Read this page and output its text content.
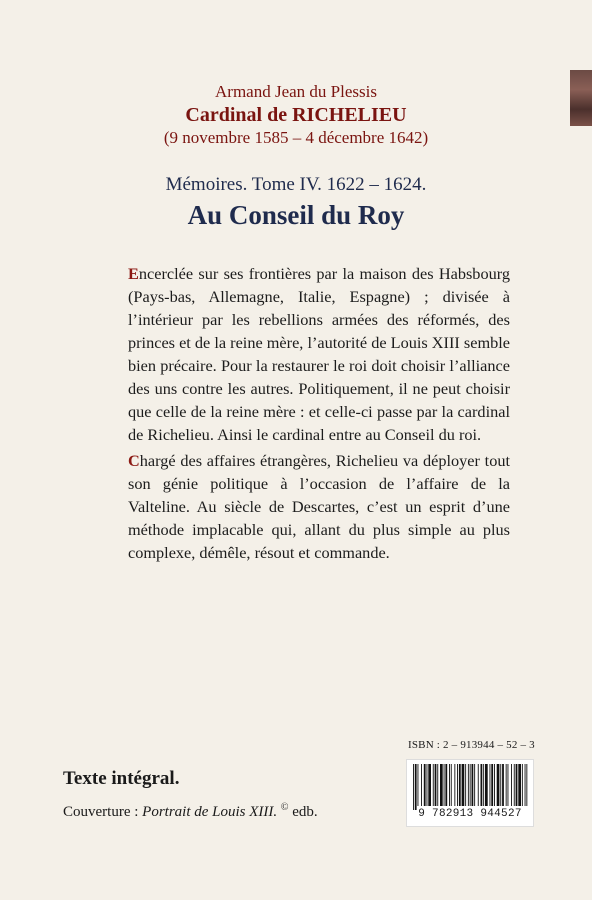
Armand Jean du Plessis
Cardinal de RICHELIEU
(9 novembre 1585 – 4 décembre 1642)
Mémoires. Tome IV. 1622 – 1624.
Au Conseil du Roy

Encerclée sur ses frontières par la maison des Habsbourg (Pays-bas, Allemagne, Italie, Espagne) ; divisée à l’intérieur par les rebellions armées des réformés, des princes et de la reine mère, l’autorité de Louis XIII semble bien précaire. Pour la restaurer le roi doit choisir l’alliance des uns contre les autres. Politiquement, il ne peut choisir que celle de la reine mère : et celle-ci passe par la cardinal de Richelieu. Ainsi le cardinal entre au Conseil du roi.

Chargé des affaires étrangères, Richelieu va déployer tout son génie politique à l’occasion de l’affaire de la Valteline. Au siècle de Descartes, c’est un esprit d’une méthode implacable qui, allant du plus simple au plus complexe, démêle, résout et commande.

ISBN : 2 – 913944 – 52 – 3
9 782913 944527
Texte intégral.
Couverture : Portrait de Louis XIII. © edb.
